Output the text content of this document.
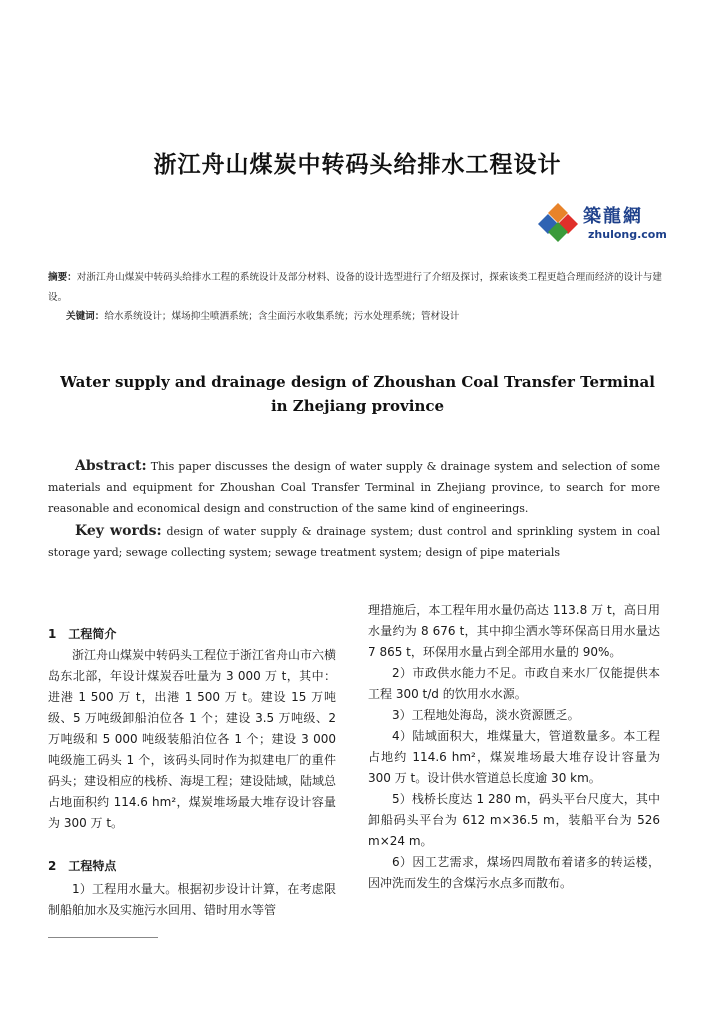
浙江舟山煤炭中转码头给排水工程设计
築龍網
zhulong.com
摘要：对浙江舟山煤炭中转码头给排水工程的系统设计及部分材料、设备的设计选型进行了介绍及探讨，探索该类工程更趋合理而经济的设计与建设。
关键词：给水系统设计；煤场抑尘喷洒系统；含尘面污水收集系统；污水处理系统；管材设计
Water supply and drainage design of Zhoushan Coal Transfer Terminal
in Zhejiang province

Abstract: This paper discusses the design of water supply & drainage system and selection of some materials and equipment for Zhoushan Coal Transfer Terminal in Zhejiang province, to search for more reasonable and economical design and construction of the same kind of engineerings.

Key words: design of water supply & drainage system; dust control and sprinkling system in coal storage yard; sewage collecting system; sewage treatment system; design of pipe materials

1　工程简介

浙江舟山煤炭中转码头工程位于浙江省舟山市六横岛东北部，年设计煤炭吞吐量为 3 000 万 t，其中：进港 1 500 万 t，出港 1 500 万 t。建设 15 万吨级、5 万吨级卸船泊位各 1 个；建设 3.5 万吨级、2 万吨级和 5 000 吨级装船泊位各 1 个；建设 3 000 吨级施工码头 1 个，该码头同时作为拟建电厂的重件码头；建设相应的栈桥、海堤工程；建设陆域，陆域总占地面积约 114.6 hm²，煤炭堆场最大堆存设计容量为 300 万 t。

2　工程特点

1）工程用水量大。根据初步设计计算，在考虑限制船舶加水及实施污水回用、错时用水等管

理措施后，本工程年用水量仍高达 113.8 万 t，高日用水量约为 8 676 t，其中抑尘洒水等环保高日用水量达 7 865 t，环保用水量占到全部用水量的 90%。

2）市政供水能力不足。市政自来水厂仅能提供本工程 300 t/d 的饮用水水源。

3）工程地处海岛，淡水资源匮乏。

4）陆域面积大，堆煤量大，管道数量多。本工程占地约 114.6 hm²，煤炭堆场最大堆存设计容量为 300 万 t。设计供水管道总长度逾 30 km。

5）栈桥长度达 1 280 m，码头平台尺度大，其中卸船码头平台为 612 m×36.5 m，装船平台为 526 m×24 m。

6）因工艺需求，煤场四周散布着诸多的转运楼，因冲洗而发生的含煤污水点多而散布。
